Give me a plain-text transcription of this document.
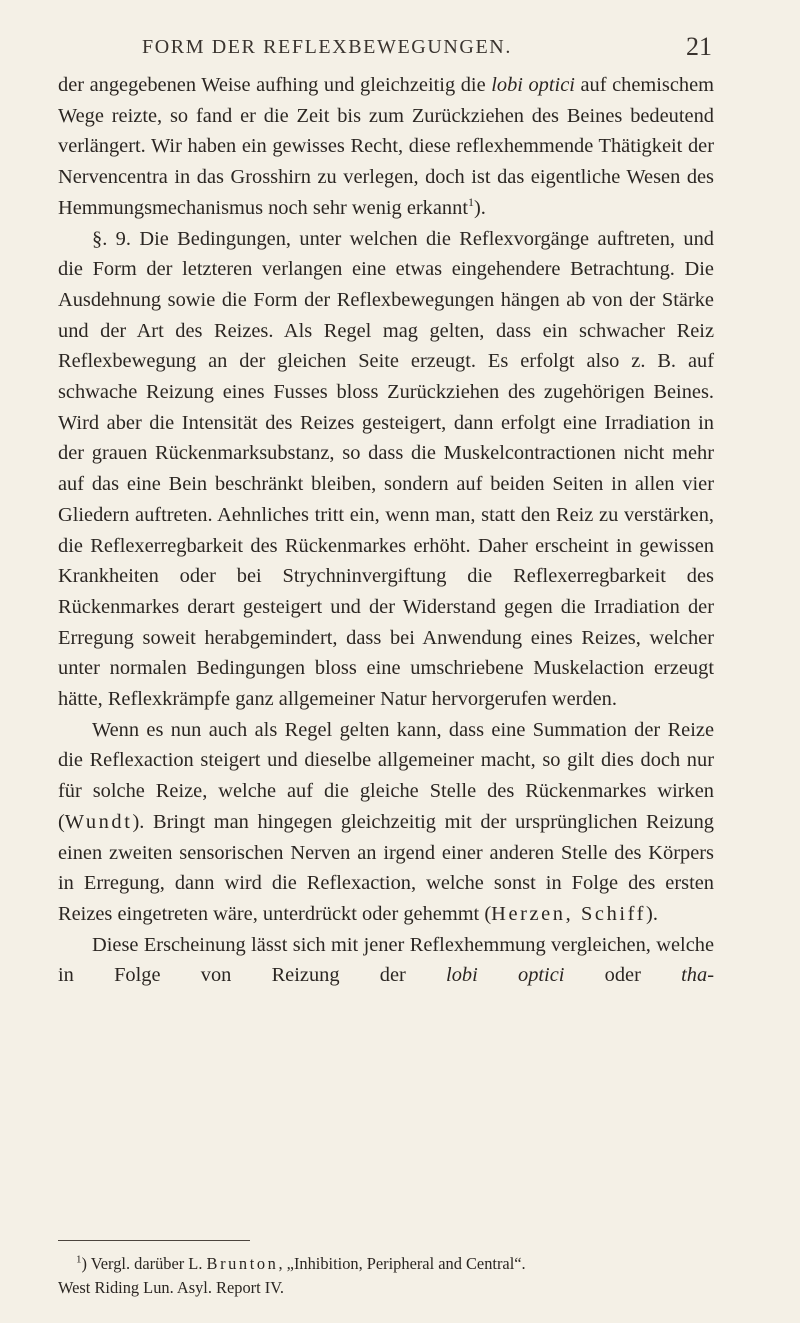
FORM DER REFLEXBEWEGUNGEN.	21

der angegebenen Weise aufhing und gleichzeitig die lobi optici auf chemischem Wege reizte, so fand er die Zeit bis zum Zurückziehen des Beines bedeutend verlängert. Wir haben ein gewisses Recht, diese reflexhemmende Thätigkeit der Nervencentra in das Grosshirn zu verlegen, doch ist das eigentliche Wesen des Hemmungsmechanismus noch sehr wenig erkannt$^1$).

§. 9. Die Bedingungen, unter welchen die Reflexvorgänge auftreten, und die Form der letzteren verlangen eine etwas eingehendere Betrachtung. Die Ausdehnung sowie die Form der Reflexbewegungen hängen ab von der Stärke und der Art des Reizes. Als Regel mag gelten, dass ein schwacher Reiz Reflexbewegung an der gleichen Seite erzeugt. Es erfolgt also z. B. auf schwache Reizung eines Fusses bloss Zurückziehen des zugehörigen Beines. Wird aber die Intensität des Reizes gesteigert, dann erfolgt eine Irradiation in der grauen Rückenmarksubstanz, so dass die Muskelcontractionen nicht mehr auf das eine Bein beschränkt bleiben, sondern auf beiden Seiten in allen vier Gliedern auftreten. Aehnliches tritt ein, wenn man, statt den Reiz zu verstärken, die Reflexerregbarkeit des Rückenmarkes erhöht. Daher erscheint in gewissen Krankheiten oder bei Strychninvergiftung die Reflexerregbarkeit des Rückenmarkes derart gesteigert und der Widerstand gegen die Irradiation der Erregung soweit herabgemindert, dass bei Anwendung eines Reizes, welcher unter normalen Bedingungen bloss eine umschriebene Muskelaction erzeugt hätte, Reflexkrämpfe ganz allgemeiner Natur hervorgerufen werden.

Wenn es nun auch als Regel gelten kann, dass eine Summation der Reize die Reflexaction steigert und dieselbe allgemeiner macht, so gilt dies doch nur für solche Reize, welche auf die gleiche Stelle des Rückenmarkes wirken (Wundt). Bringt man hingegen gleichzeitig mit der ursprünglichen Reizung einen zweiten sensorischen Nerven an irgend einer anderen Stelle des Körpers in Erregung, dann wird die Reflexaction, welche sonst in Folge des ersten Reizes eingetreten wäre, unterdrückt oder gehemmt (Herzen, Schiff).

Diese Erscheinung lässt sich mit jener Reflexhemmung vergleichen, welche in Folge von Reizung der lobi optici oder tha-

$^1$) Vergl. darüber L. Brunton, „Inhibition, Peripheral and Central“.

West Riding Lun. Asyl. Report IV.
